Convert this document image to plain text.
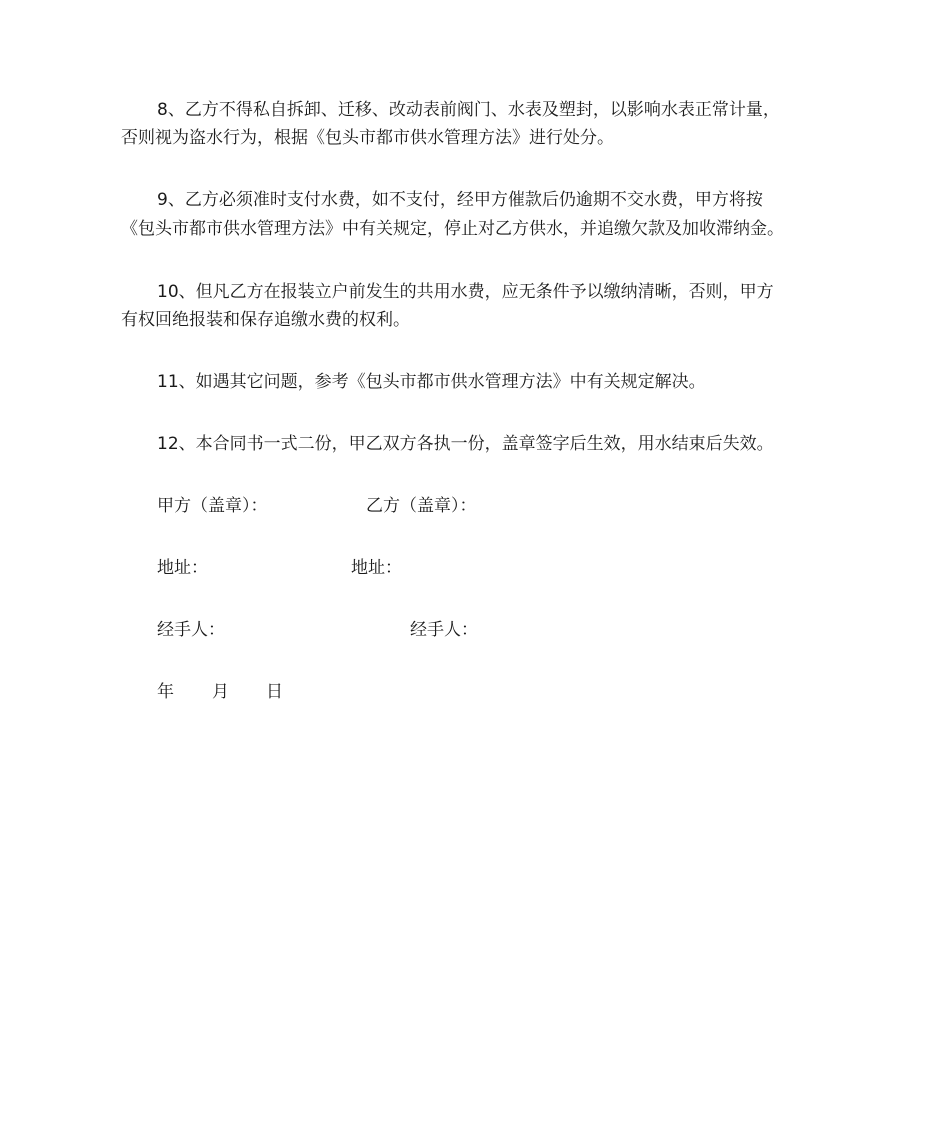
8、乙方不得私自拆卸、迁移、改动表前阀门、水表及塑封，以影响水表正常计量，

否则视为盗水行为，根据《包头市都市供水管理方法》进行处分。

9、乙方必须准时支付水费，如不支付，经甲方催款后仍逾期不交水费，甲方将按

《包头市都市供水管理方法》中有关规定，停止对乙方供水，并追缴欠款及加收滞纳金。

10、但凡乙方在报装立户前发生的共用水费，应无条件予以缴纳清晰，否则，甲方

有权回绝报装和保存追缴水费的权利。

11、如遇其它问题，参考《包头市都市供水管理方法》中有关规定解决。

12、本合同书一式二份，甲乙双方各执一份，盖章签字后生效，用水结束后失效。

甲方（盖章）：	乙方（盖章）：
地址：	地址：
经手人：	经手人：
年 月 日
